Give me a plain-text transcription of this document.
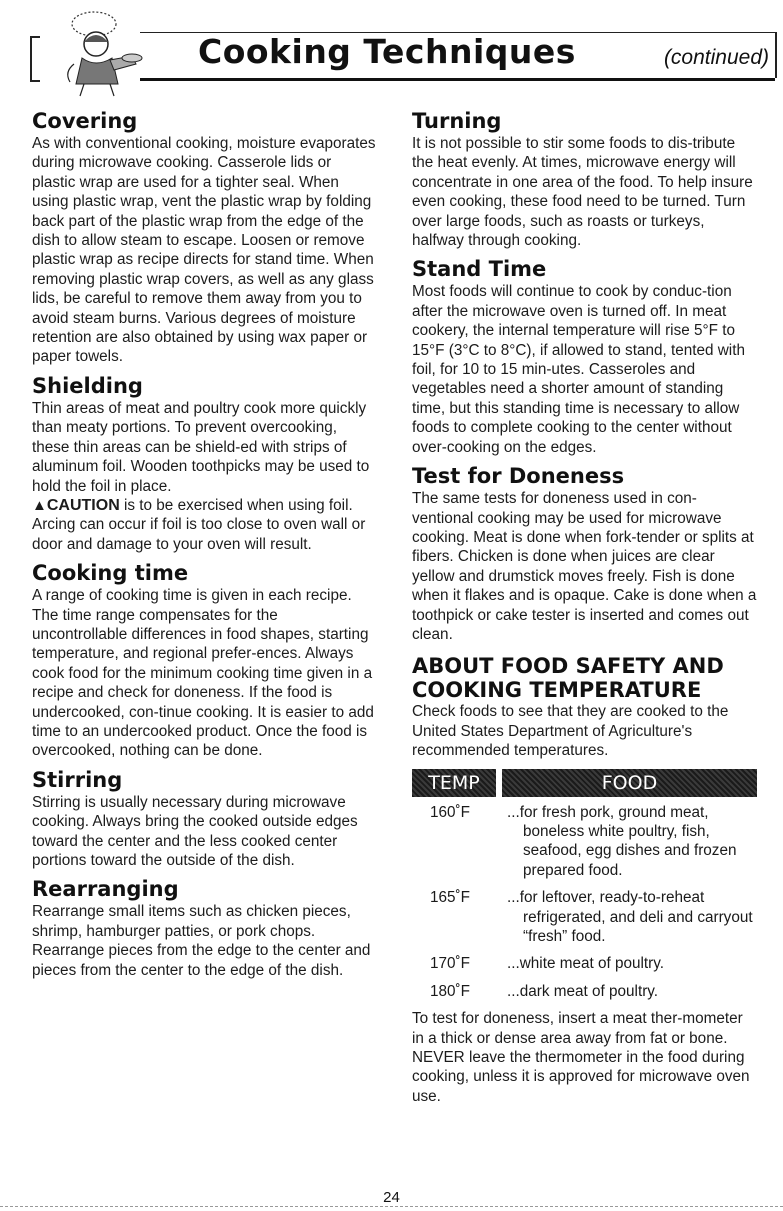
Cooking Techniques	(continued)
Covering

As with conventional cooking, moisture evaporates during microwave cooking. Casserole lids or plastic wrap are used for a tighter seal. When using plastic wrap, vent the plastic wrap by folding back part of the plastic wrap from the edge of the dish to allow steam to escape. Loosen or remove plastic wrap as recipe directs for stand time. When removing plastic wrap covers, as well as any glass lids, be careful to remove them away from you to avoid steam burns. Various degrees of moisture retention are also obtained by using wax paper or paper towels.

Shielding

Thin areas of meat and poultry cook more quickly than meaty portions. To prevent overcooking, these thin areas can be shield-ed with strips of aluminum foil. Wooden toothpicks may be used to hold the foil in place.

▲CAUTION is to be exercised when using foil. Arcing can occur if foil is too close to oven wall or door and damage to your oven will result.

Cooking time

A range of cooking time is given in each recipe. The time range compensates for the uncontrollable differences in food shapes, starting temperature, and regional prefer-ences. Always cook food for the minimum cooking time given in a recipe and check for doneness. If the food is undercooked, con-tinue cooking. It is easier to add time to an undercooked product. Once the food is overcooked, nothing can be done.

Stirring

Stirring is usually necessary during microwave cooking. Always bring the cooked outside edges toward the center and the less cooked center portions toward the outside of the dish.

Rearranging

Rearrange small items such as chicken pieces, shrimp, hamburger patties, or pork chops. Rearrange pieces from the edge to the center and pieces from the center to the edge of the dish.

Turning

It is not possible to stir some foods to dis-tribute the heat evenly. At times, microwave energy will concentrate in one area of the food. To help insure even cooking, these food need to be turned. Turn over large foods, such as roasts or turkeys, halfway through cooking.

Stand Time

Most foods will continue to cook by conduc-tion after the microwave oven is turned off. In meat cookery, the internal temperature will rise 5°F to 15°F (3°C to 8°C), if allowed to stand, tented with foil, for 10 to 15 min-utes. Casseroles and vegetables need a shorter amount of standing time, but this standing time is necessary to allow foods to complete cooking to the center without over-cooking on the edges.

Test for Doneness

The same tests for doneness used in con-ventional cooking may be used for microwave cooking. Meat is done when fork-tender or splits at fibers. Chicken is done when juices are clear yellow and drumstick moves freely. Fish is done when it flakes and is opaque. Cake is done when a toothpick or cake tester is inserted and comes out clean.

ABOUT FOOD SAFETY AND
COOKING TEMPERATURE

Check foods to see that they are cooked to the United States Department of Agriculture's recommended temperatures.

TEMP	FOOD
160˚F	...for fresh pork, ground meat,
boneless white poultry, fish, seafood, egg dishes and frozen prepared food.
165˚F	...for leftover, ready-to-reheat
refrigerated, and deli and carryout “fresh” food.
170˚F	...white meat of poultry.
180˚F	...dark meat of poultry.

To test for doneness, insert a meat ther-mometer in a thick or dense area away from fat or bone. NEVER leave the thermometer in the food during cooking, unless it is approved for microwave oven use.

24
